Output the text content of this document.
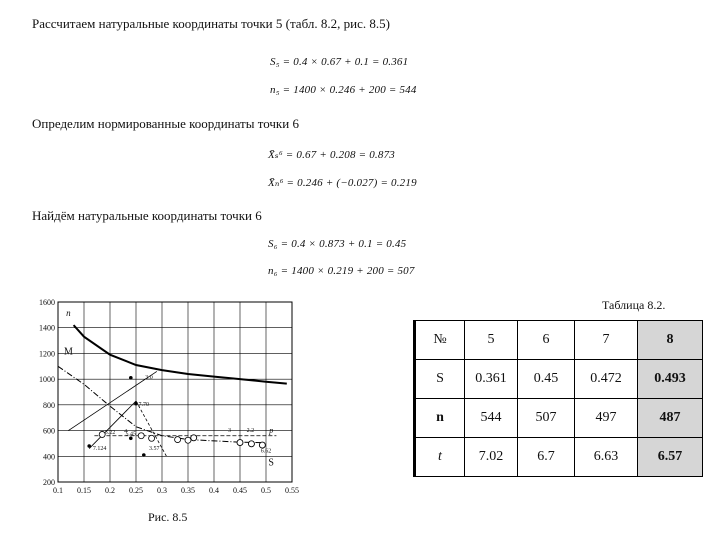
Рассчитаем натуральные координаты точки 5 (табл. 8.2, рис. 8.5)
S₅ = 0.4 × 0.67 + 0.1 = 0.361
n₅ = 1400 × 0.246 + 200 = 544
Определим нормированные координаты точки 6
X̄ₛ⁶ = 0.67 + 0.208 = 0.873
X̄ₙ⁶ = 0.246 + (−0.027) = 0.219
Найдём натуральные координаты точки 6
S₆ = 0.4 × 0.873 + 0.1 = 0.45
n₆ = 1400 × 0.219 + 200 = 507
0.1 0.15 0.2 0.25 0.3 0.35 0.4 0.45 0.5 0.55
1600
1400
1200
1000
800
600
400
200
n
M
S
p
3.0
7.70
5.45
3.22 4
7.124	3.57
3	2.2
6.62
Рис. 8.5
Таблица 8.2.
№	5	6	7	8
S	0.361	0.45	0.472	0.493
n	544	507	497	487
t	7.02	6.7	6.63	6.57
